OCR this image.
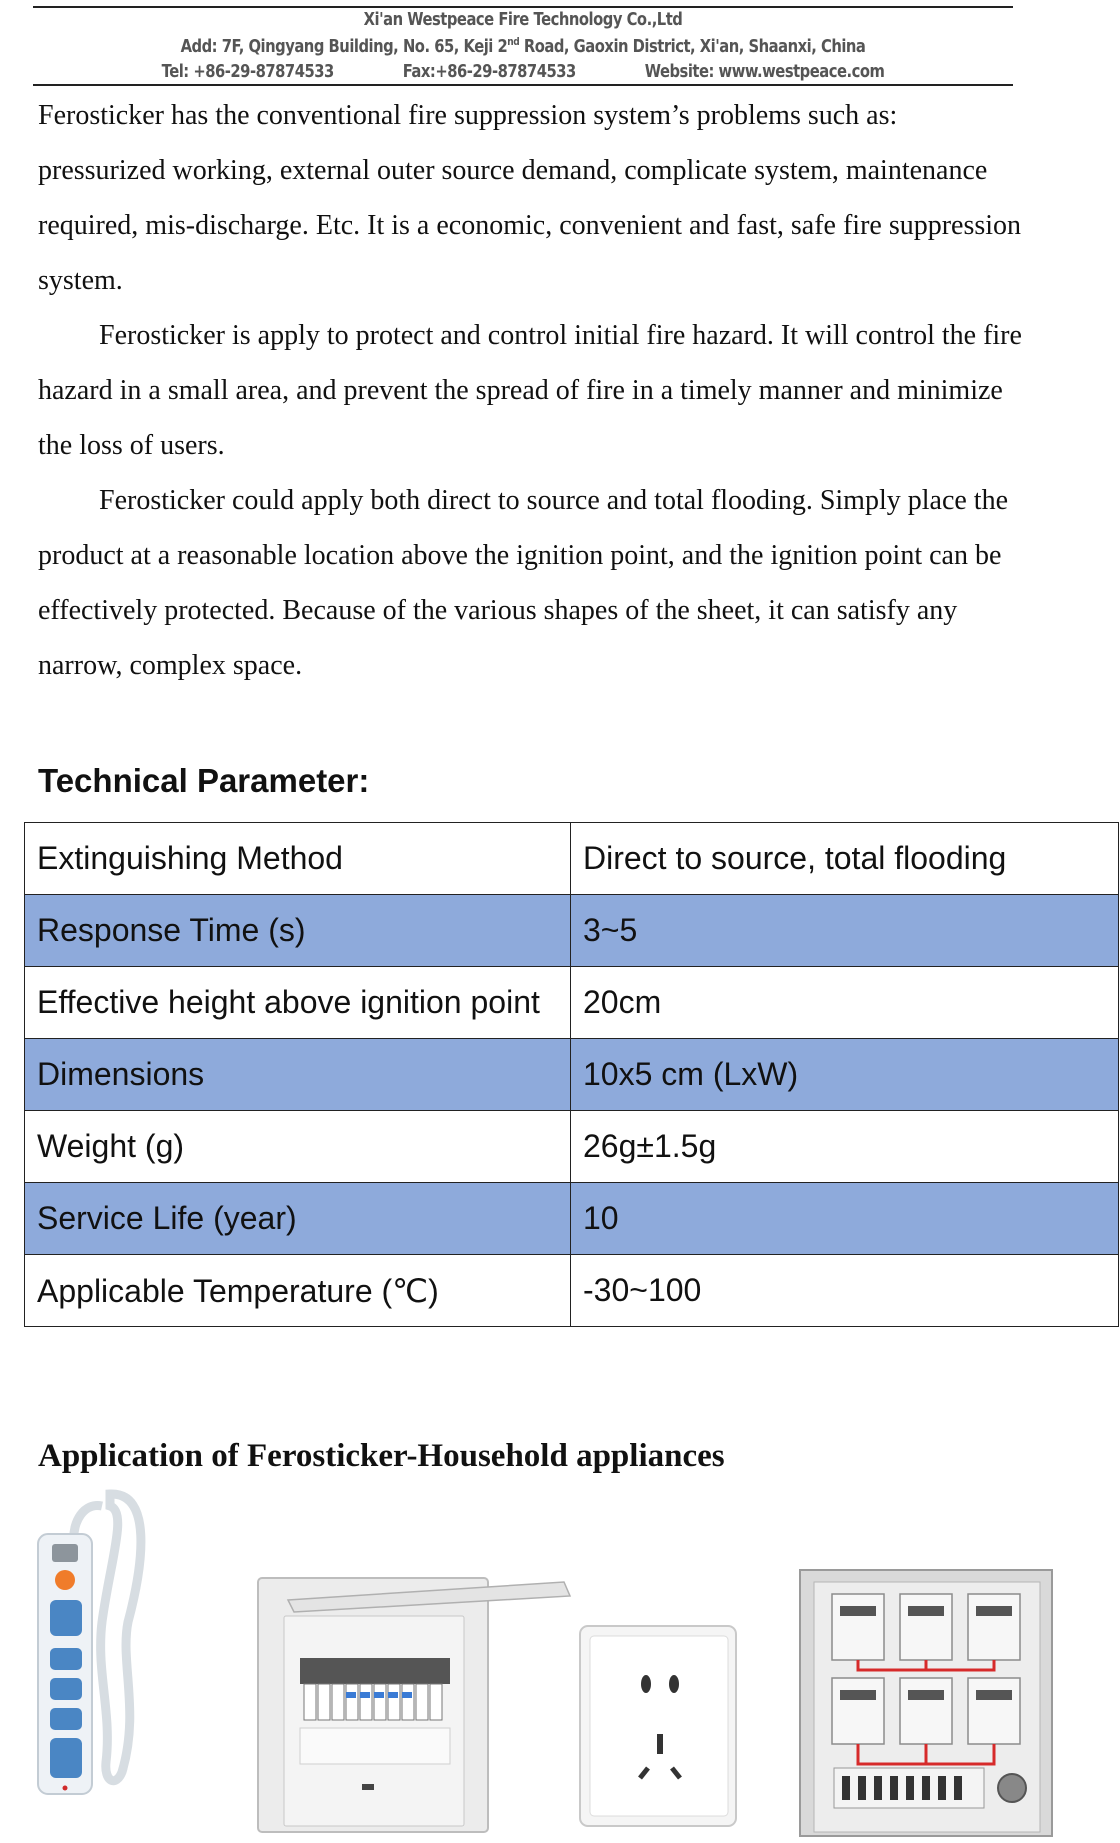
Xi'an Westpeace Fire Technology Co.,Ltd
Add: 7F, Qingyang Building, No. 65, Keji 2nd Road, Gaoxin District, Xi'an, Shaanxi, China
Tel: +86-29-87874533	Fax:+86-29-87874533	Website: www.westpeace.com

Ferosticker has the conventional fire suppression system’s problems such as: pressurized working, external outer source demand, complicate system, maintenance required, mis-discharge. Etc. It is a economic, convenient and fast, safe fire suppression system.

Ferosticker is apply to protect and control initial fire hazard. It will control the fire hazard in a small area, and prevent the spread of fire in a timely manner and minimize the loss of users.

Ferosticker could apply both direct to source and total flooding. Simply place the product at a reasonable location above the ignition point, and the ignition point can be effectively protected. Because of the various shapes of the sheet, it can satisfy any narrow, complex space.

Technical Parameter:
Extinguishing Method	Direct to source, total flooding
Response Time (s)	3~5
Effective height above ignition point	20cm
Dimensions	10x5 cm (LxW)
Weight (g)	26g±1.5g
Service Life (year)	10
Applicable Temperature (℃)	-30~100
Application of Ferosticker-Household appliances
